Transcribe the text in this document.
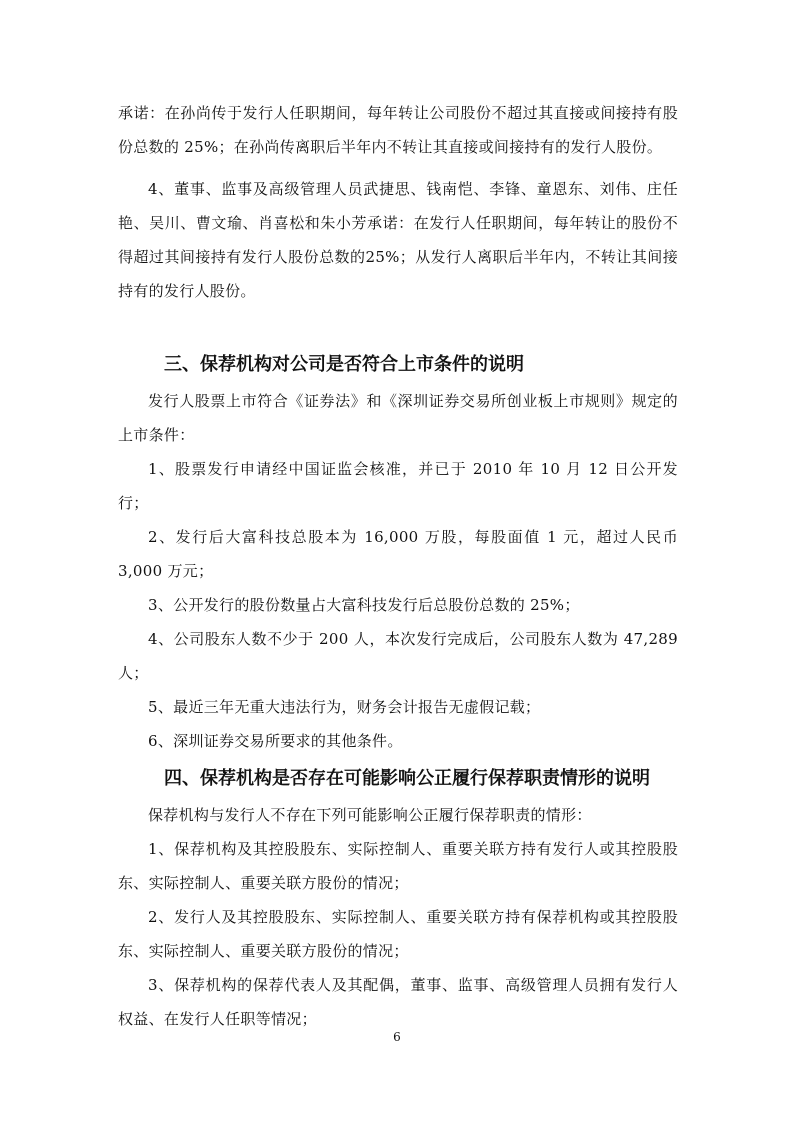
承诺：在孙尚传于发行人任职期间，每年转让公司股份不超过其直接或间接持有股份总数的 25%；在孙尚传离职后半年内不转让其直接或间接持有的发行人股份。

4、董事、监事及高级管理人员武捷思、钱南恺、李锋、童恩东、刘伟、庄任艳、吴川、曹文瑜、肖喜松和朱小芳承诺：在发行人任职期间，每年转让的股份不得超过其间接持有发行人股份总数的25%；从发行人离职后半年内，不转让其间接持有的发行人股份。

三、保荐机构对公司是否符合上市条件的说明

发行人股票上市符合《证券法》和《深圳证券交易所创业板上市规则》规定的上市条件：

1、股票发行申请经中国证监会核准，并已于 2010 年 10 月 12 日公开发行；

2、发行后大富科技总股本为 16,000 万股，每股面值 1 元，超过人民币 3,000 万元；

3、公开发行的股份数量占大富科技发行后总股份总数的 25%；

4、公司股东人数不少于 200 人，本次发行完成后，公司股东人数为 47,289 人；

5、最近三年无重大违法行为，财务会计报告无虚假记载；

6、深圳证券交易所要求的其他条件。

四、保荐机构是否存在可能影响公正履行保荐职责情形的说明

保荐机构与发行人不存在下列可能影响公正履行保荐职责的情形：

1、保荐机构及其控股股东、实际控制人、重要关联方持有发行人或其控股股东、实际控制人、重要关联方股份的情况；

2、发行人及其控股股东、实际控制人、重要关联方持有保荐机构或其控股股东、实际控制人、重要关联方股份的情况；

3、保荐机构的保荐代表人及其配偶，董事、监事、高级管理人员拥有发行人权益、在发行人任职等情况；

6
